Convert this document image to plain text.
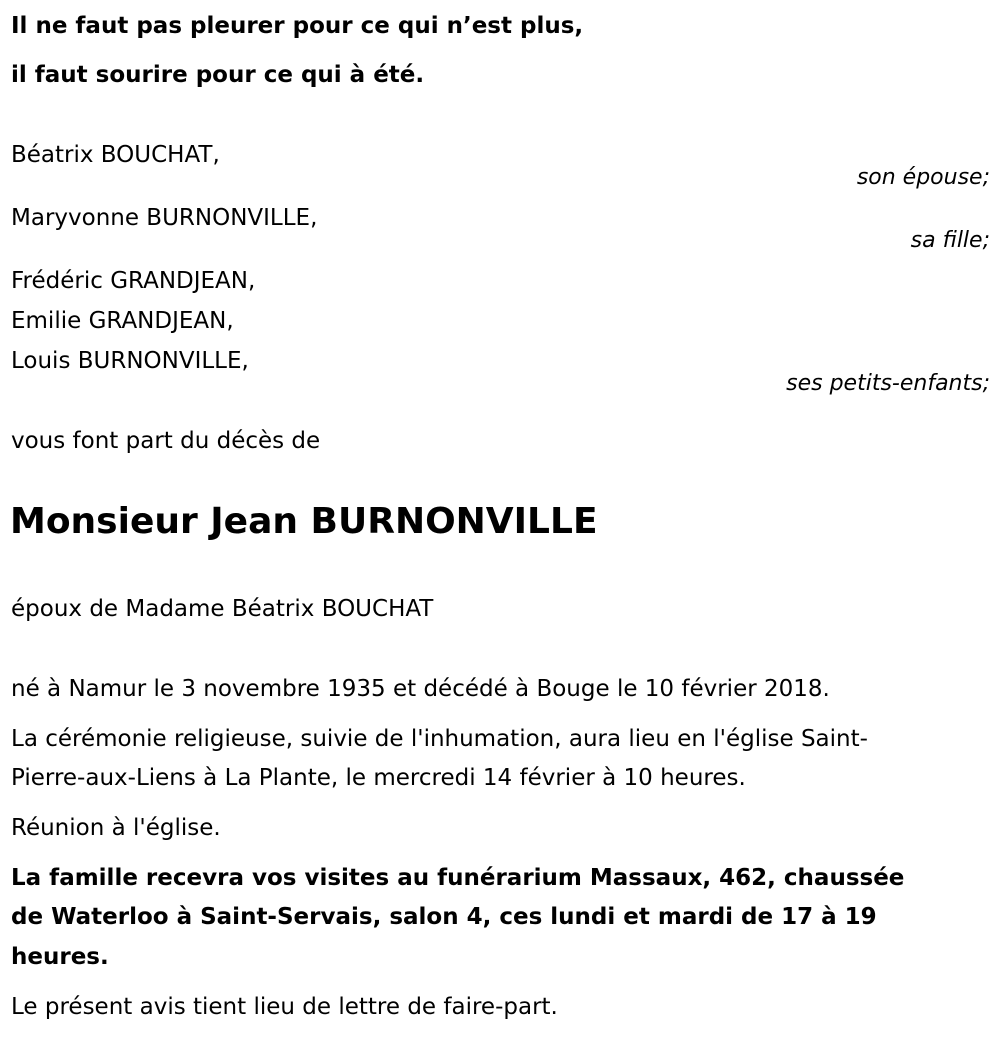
Il ne faut pas pleurer pour ce qui n’est plus,
il faut sourire pour ce qui à été.
Béatrix BOUCHAT,
son épouse;
Maryvonne BURNONVILLE,
sa fille;
Frédéric GRANDJEAN,
Emilie GRANDJEAN,
Louis BURNONVILLE,
ses petits-enfants;
vous font part du décès de
Monsieur Jean BURNONVILLE
époux de Madame Béatrix BOUCHAT
né à Namur le 3 novembre 1935 et décédé à Bouge le 10 février 2018.
La cérémonie religieuse, suivie de l'inhumation, aura lieu en l'église Saint-
Pierre-aux-Liens à La Plante, le mercredi 14 février à 10 heures.
Réunion à l'église.
La famille recevra vos visites au funérarium Massaux, 462, chaussée
de Waterloo à Saint-Servais, salon 4, ces lundi et mardi de 17 à 19
heures.
Le présent avis tient lieu de lettre de faire-part.
